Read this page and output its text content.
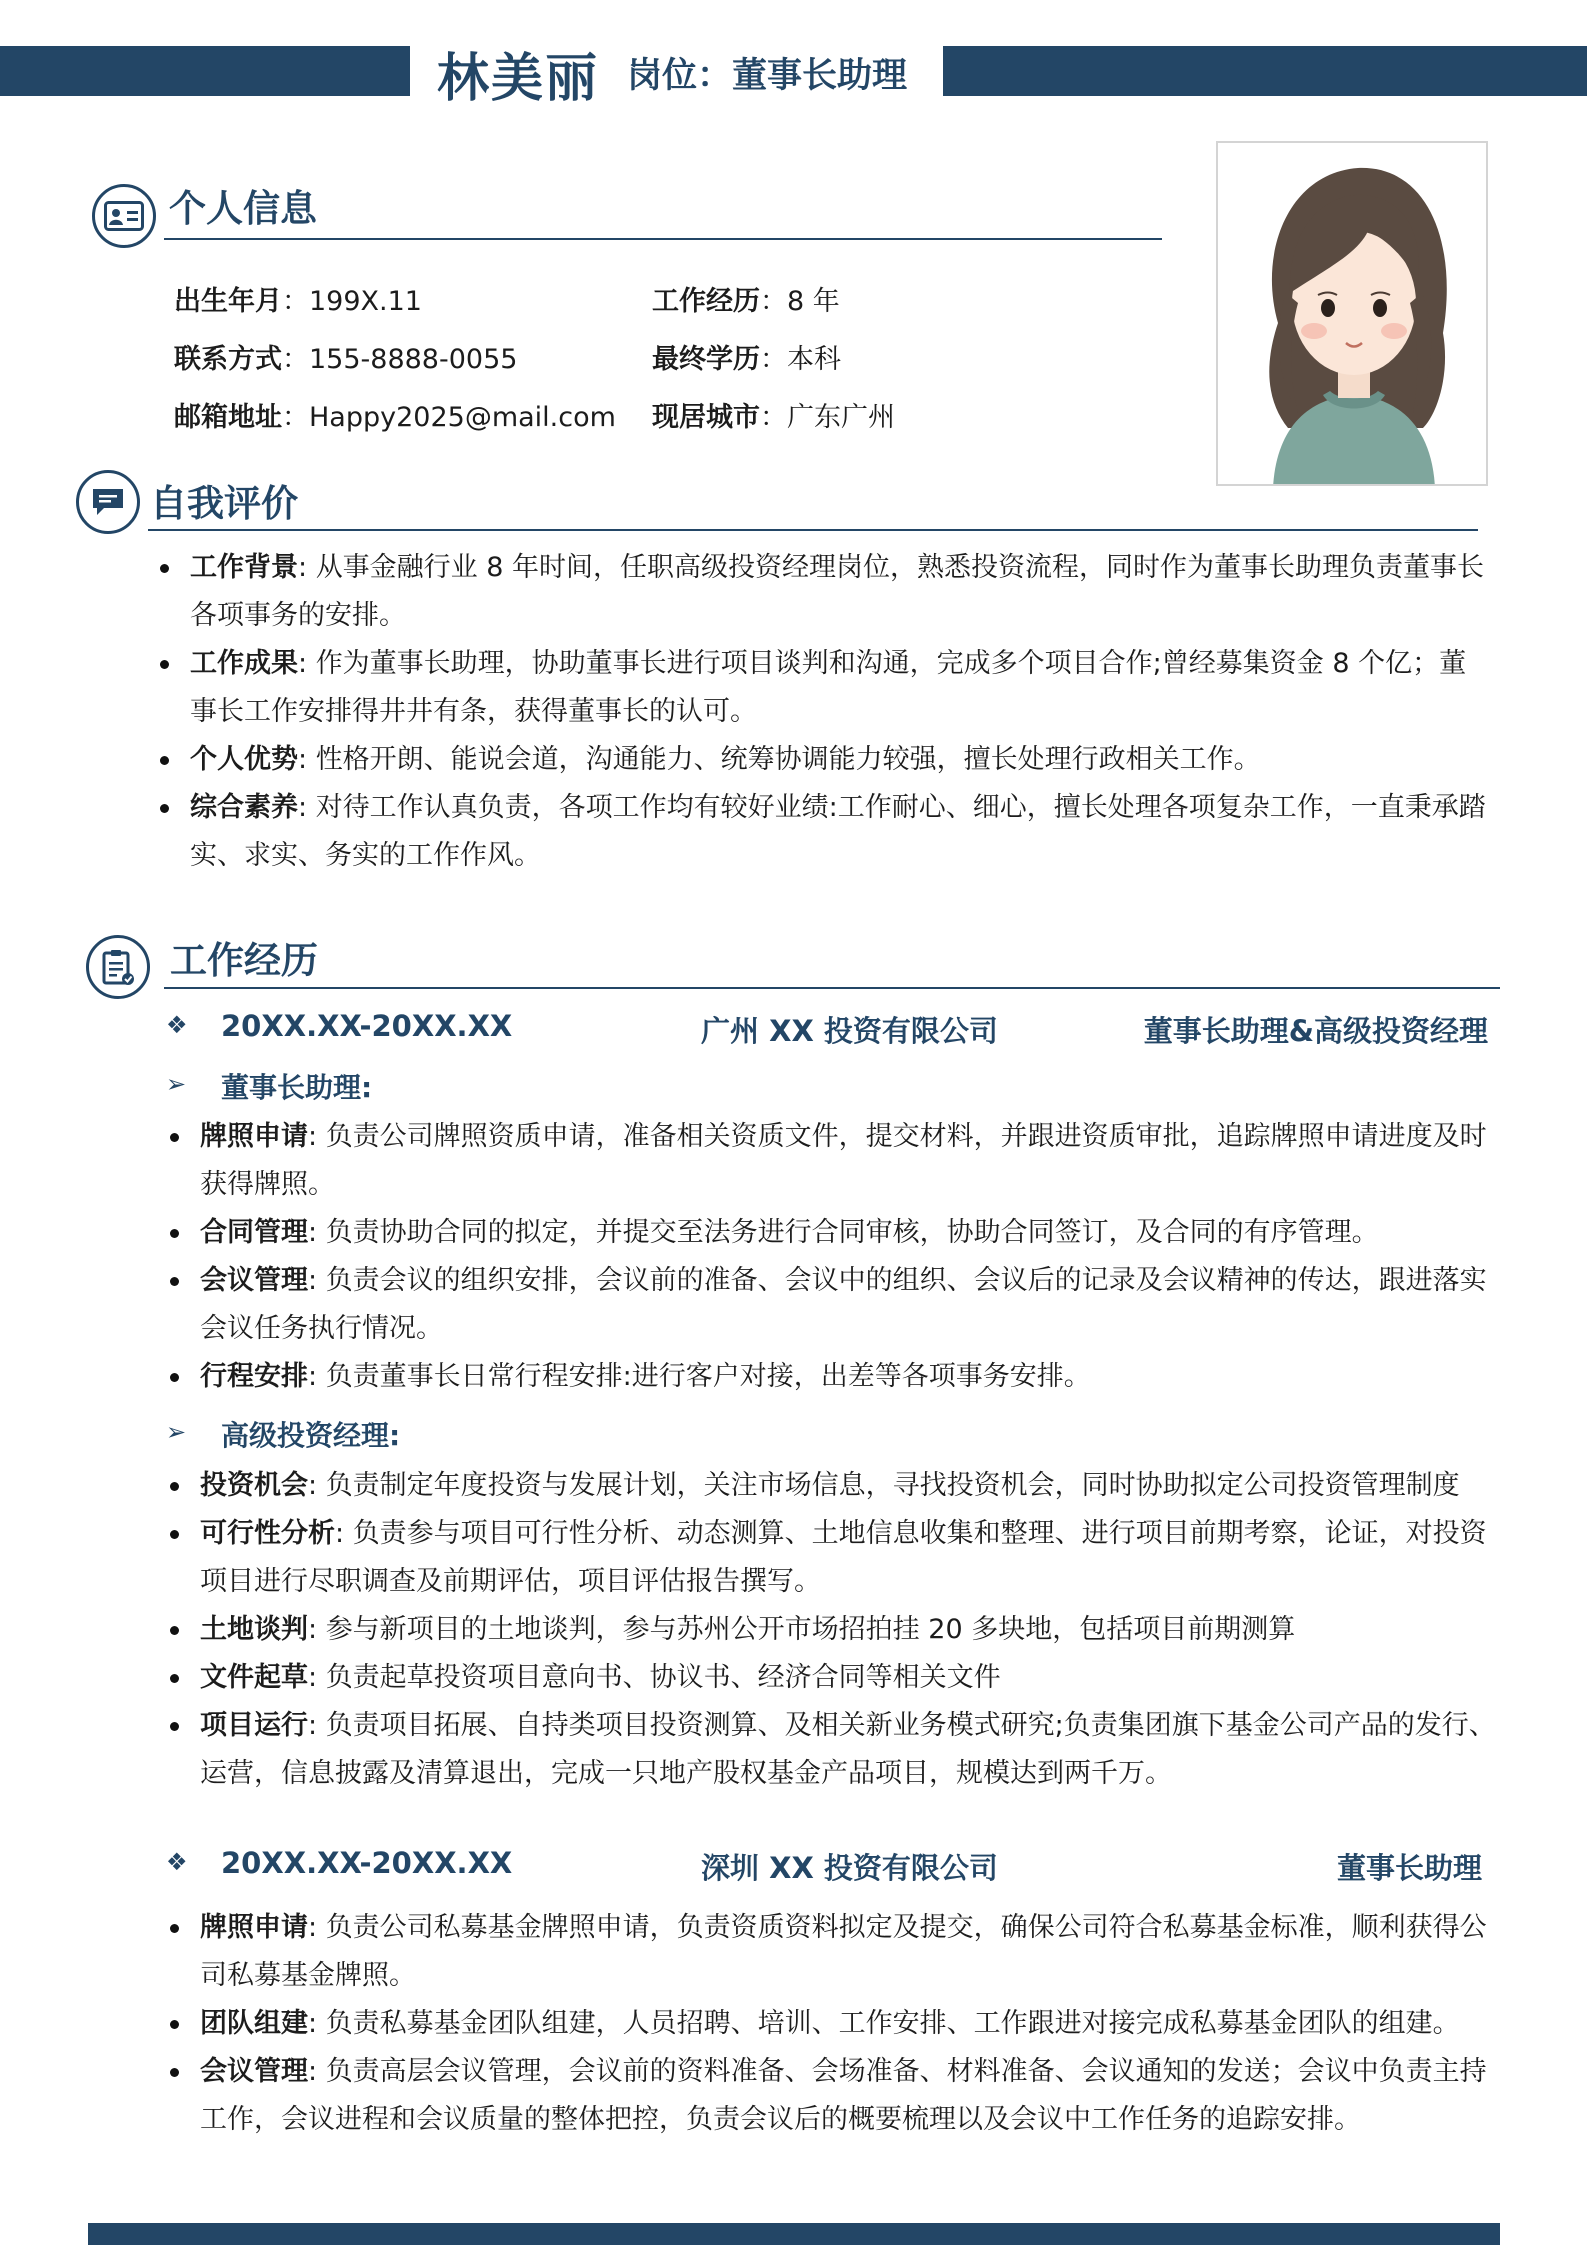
林美丽 岗位：董事长助理
个人信息
出生年月：199X.11	工作经历：8 年
联系方式：155-8888-0055	最终学历：本科
邮箱地址：Happy2025@mail.com 现居城市：广东广州
自我评价
工作背景: 从事金融行业 8 年时间，任职高级投资经理岗位，熟悉投资流程，同时作为董事长助理负责董事长各项事务的安排。
工作成果: 作为董事长助理，协助董事长进行项目谈判和沟通，完成多个项目合作;曾经募集资金 8 个亿；董事长工作安排得井井有条，获得董事长的认可。
个人优势: 性格开朗、能说会道，沟通能力、统筹协调能力较强，擅长处理行政相关工作。
综合素养: 对待工作认真负责，各项工作均有较好业绩:工作耐心、细心，擅长处理各项复杂工作，一直秉承踏实、求实、务实的工作作风。
工作经历
❖ 20XX.XX-20XX.XX	广州 XX 投资有限公司	董事长助理&高级投资经理
➢ 董事长助理:
牌照申请: 负责公司牌照资质申请，准备相关资质文件，提交材料，并跟进资质审批，追踪牌照申请进度及时获得牌照。
合同管理: 负责协助合同的拟定，并提交至法务进行合同审核，协助合同签订，及合同的有序管理。
会议管理: 负责会议的组织安排，会议前的准备、会议中的组织、会议后的记录及会议精神的传达，跟进落实会议任务执行情况。
行程安排: 负责董事长日常行程安排:进行客户对接，出差等各项事务安排。
➢ 高级投资经理:
投资机会: 负责制定年度投资与发展计划，关注市场信息，寻找投资机会，同时协助拟定公司投资管理制度
可行性分析: 负责参与项目可行性分析、动态测算、土地信息收集和整理、进行项目前期考察，论证，对投资项目进行尽职调查及前期评估，项目评估报告撰写。
土地谈判: 参与新项目的土地谈判，参与苏州公开市场招拍挂 20 多块地，包括项目前期测算
文件起草: 负责起草投资项目意向书、协议书、经济合同等相关文件
项目运行: 负责项目拓展、自持类项目投资测算、及相关新业务模式研究;负责集团旗下基金公司产品的发行、运营，信息披露及清算退出，完成一只地产股权基金产品项目，规模达到两千万。
❖ 20XX.XX-20XX.XX	深圳 XX 投资有限公司	董事长助理
牌照申请: 负责公司私募基金牌照申请，负责资质资料拟定及提交，确保公司符合私募基金标准，顺利获得公司私募基金牌照。
团队组建: 负责私募基金团队组建，人员招聘、培训、工作安排、工作跟进对接完成私募基金团队的组建。
会议管理: 负责高层会议管理，会议前的资料准备、会场准备、材料准备、会议通知的发送；会议中负责主持工作，会议进程和会议质量的整体把控，负责会议后的概要梳理以及会议中工作任务的追踪安排。
